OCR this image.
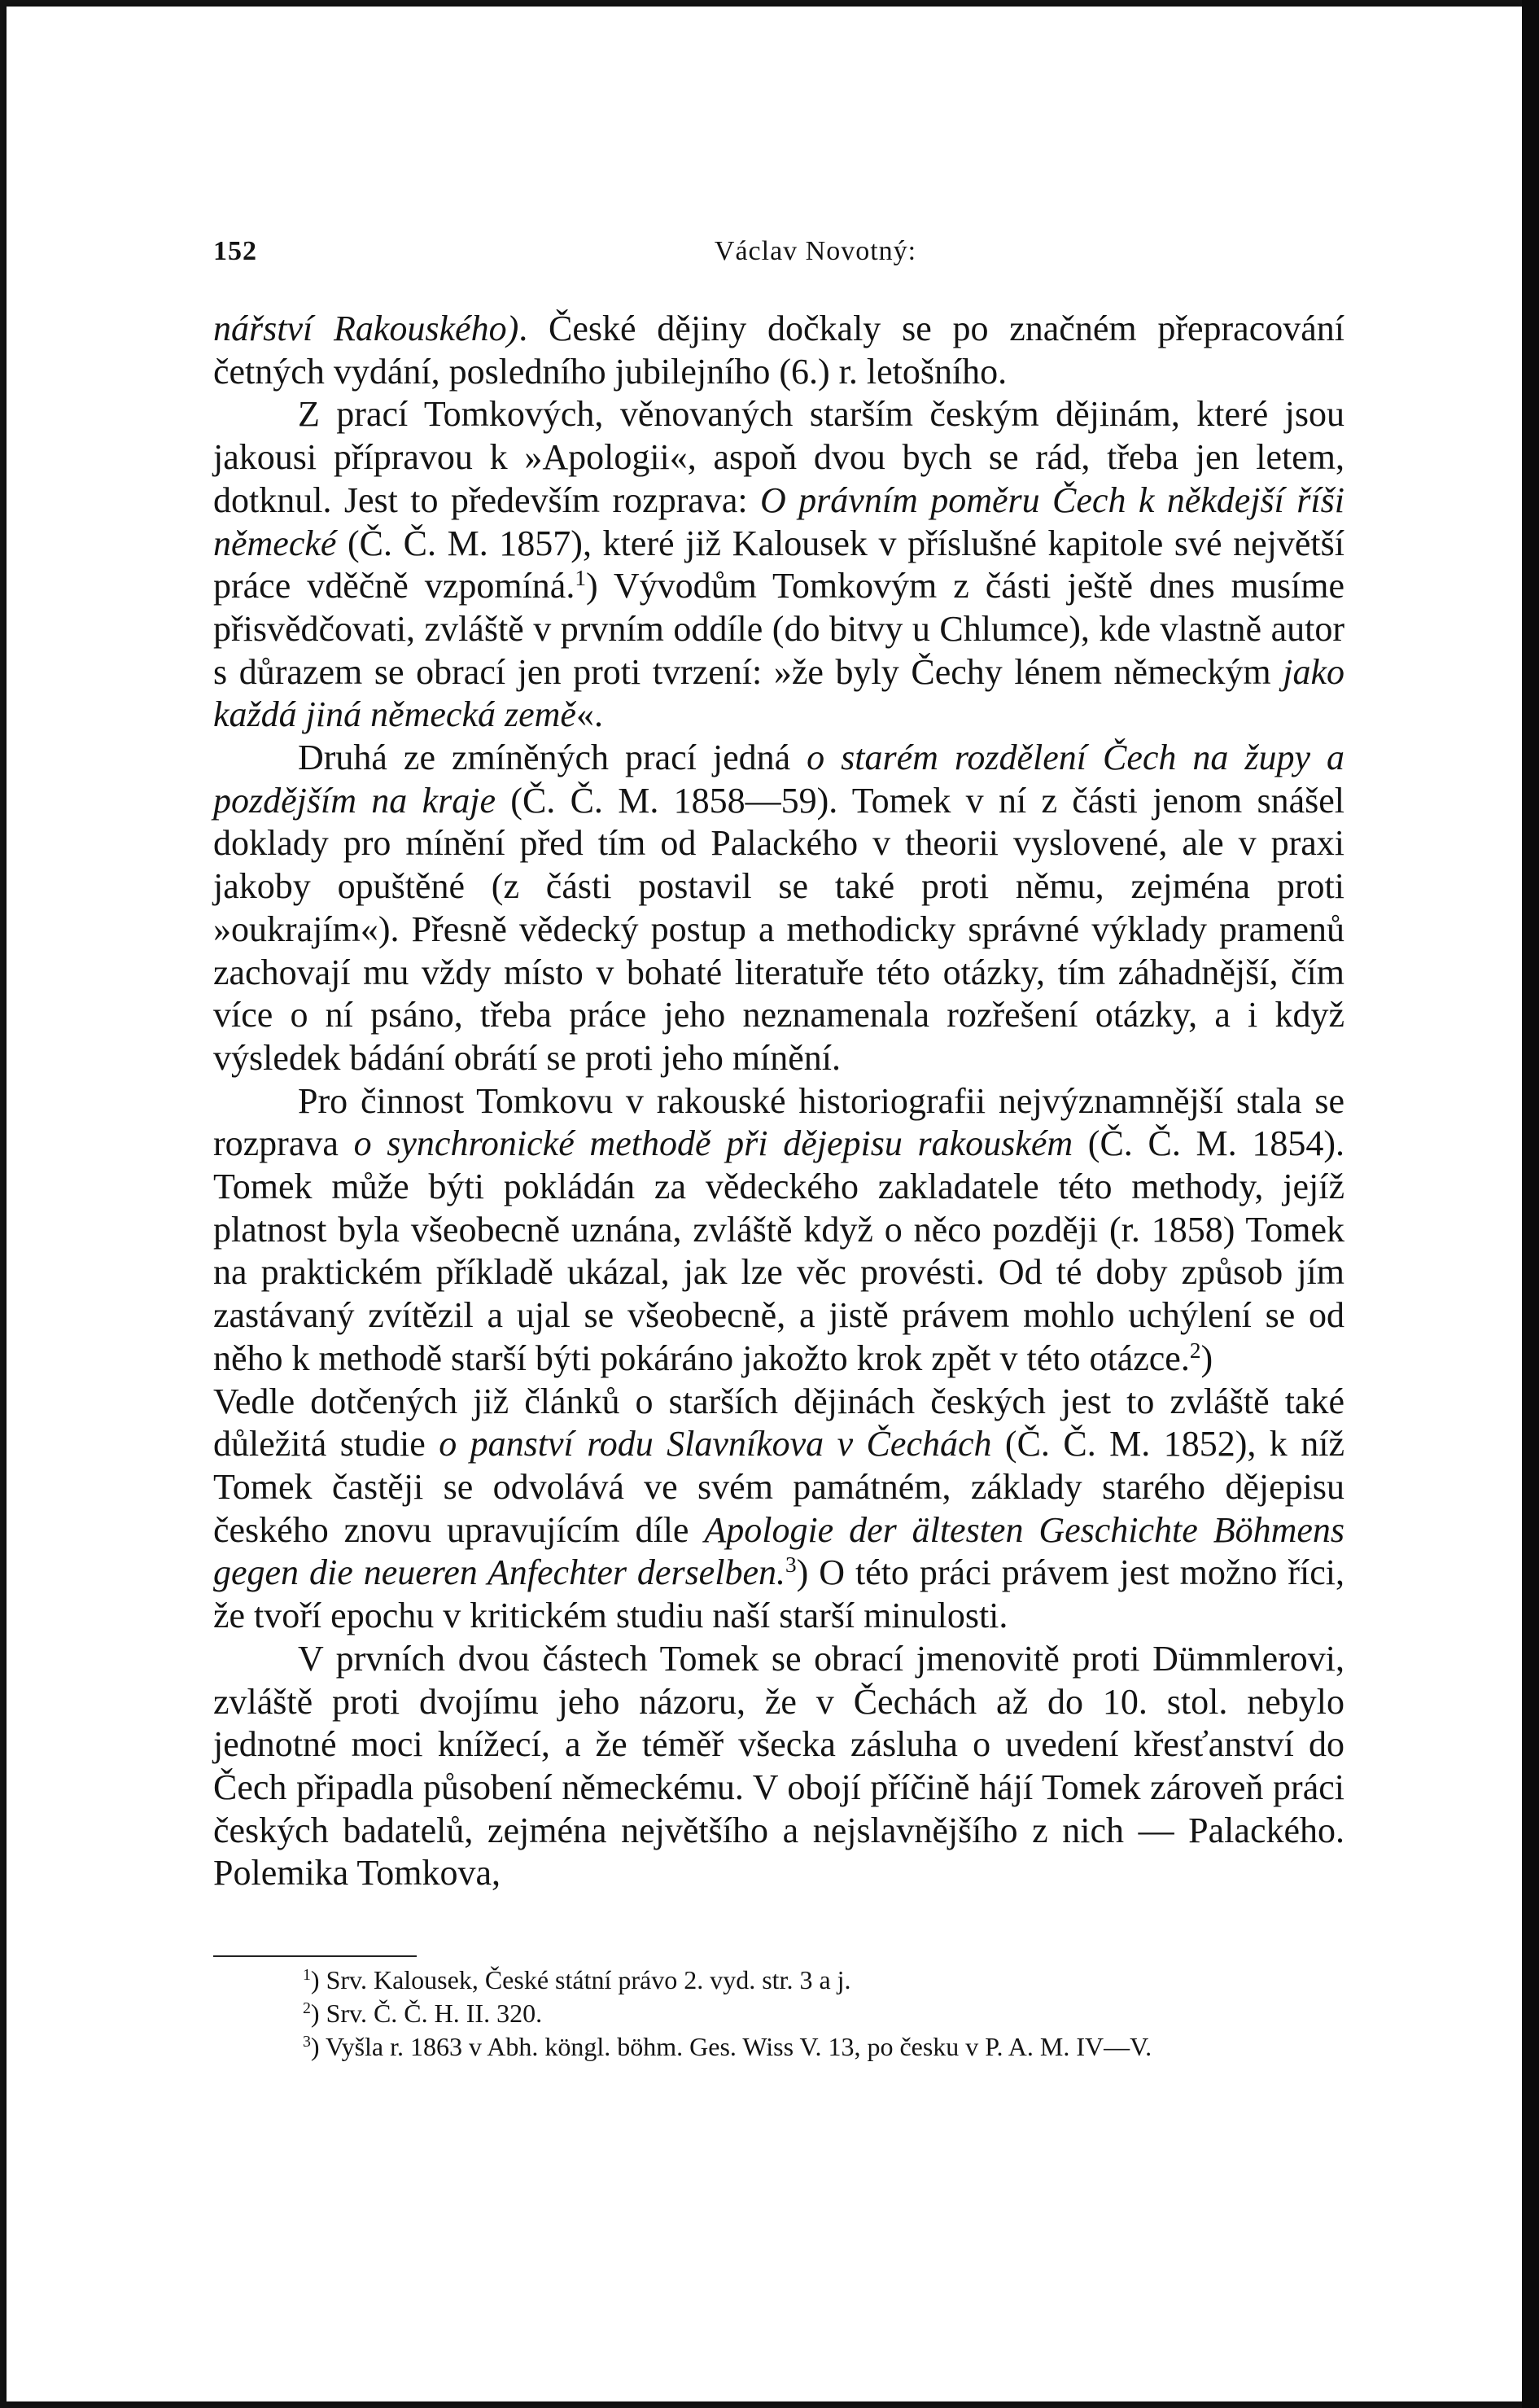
152	Václav Novotný:

nářství Rakouského). České dějiny dočkaly se po značném přepracování četných vydání, posledního jubilejního (6.) r. letošního.

Z prací Tomkových, věnovaných starším českým dějinám, které jsou jakousi přípravou k »Apologii«, aspoň dvou bych se rád, třeba jen letem, dotknul. Jest to především rozprava: O právním poměru Čech k někdejší říši německé (Č. Č. M. 1857), které již Kalousek v příslušné kapitole své největší práce vděčně vzpomíná.$^1$) Vývodům Tomkovým z části ještě dnes musíme přisvědčovati, zvláště v prvním oddíle (do bitvy u Chlumce), kde vlastně autor s důrazem se obrací jen proti tvrzení: »že byly Čechy lénem německým jako každá jiná německá země«.

Druhá ze zmíněných prací jedná o starém rozdělení Čech na župy a pozdějším na kraje (Č. Č. M. 1858—59). Tomek v ní z části jenom snášel doklady pro mínění před tím od Palackého v theorii vyslovené, ale v praxi jakoby opuštěné (z části postavil se také proti němu, zejména proti »oukrajím«). Přesně vědecký postup a methodicky správné výklady pramenů zachovají mu vždy místo v bohaté literatuře této otázky, tím záhadnější, čím více o ní psáno, třeba práce jeho neznamenala rozřešení otázky, a i když výsledek bádání obrátí se proti jeho mínění.

Pro činnost Tomkovu v rakouské historiografii nejvýznamnější stala se rozprava o synchronické methodě při dějepisu rakouském (Č. Č. M. 1854). Tomek může býti pokládán za vědeckého zakladatele této methody, jejíž platnost byla všeobecně uznána, zvláště když o něco později (r. 1858) Tomek na praktickém příkladě ukázal, jak lze věc provésti. Od té doby způsob jím zastávaný zvítězil a ujal se všeobecně, a jistě právem mohlo uchýlení se od něho k methodě starší býti pokáráno jakožto krok zpět v této otázce.$^2$)

Vedle dotčených již článků o starších dějinách českých jest to zvláště také důležitá studie o panství rodu Slavníkova v Čechách (Č. Č. M. 1852), k níž Tomek častěji se odvolává ve svém památném, základy starého dějepisu českého znovu upravujícím díle Apologie der ältesten Geschichte Böhmens gegen die neueren Anfechter derselben.$^3$) O této práci právem jest možno říci, že tvoří epochu v kritickém studiu naší starší minulosti.

V prvních dvou částech Tomek se obrací jmenovitě proti Dümmlerovi, zvláště proti dvojímu jeho názoru, že v Čechách až do 10. stol. nebylo jednotné moci knížecí, a že téměř všecka zásluha o uvedení křesťanství do Čech připadla působení německému. V obojí příčině hájí Tomek zároveň práci českých badatelů, zejména největšího a nejslavnějšího z nich — Palackého. Polemika Tomkova,

$^1$) Srv. Kalousek, České státní právo 2. vyd. str. 3 a j.

$^2$) Srv. Č. Č. H. II. 320.

$^3$) Vyšla r. 1863 v Abh. köngl. böhm. Ges. Wiss V. 13, po česku v P. A. M. IV—V.
